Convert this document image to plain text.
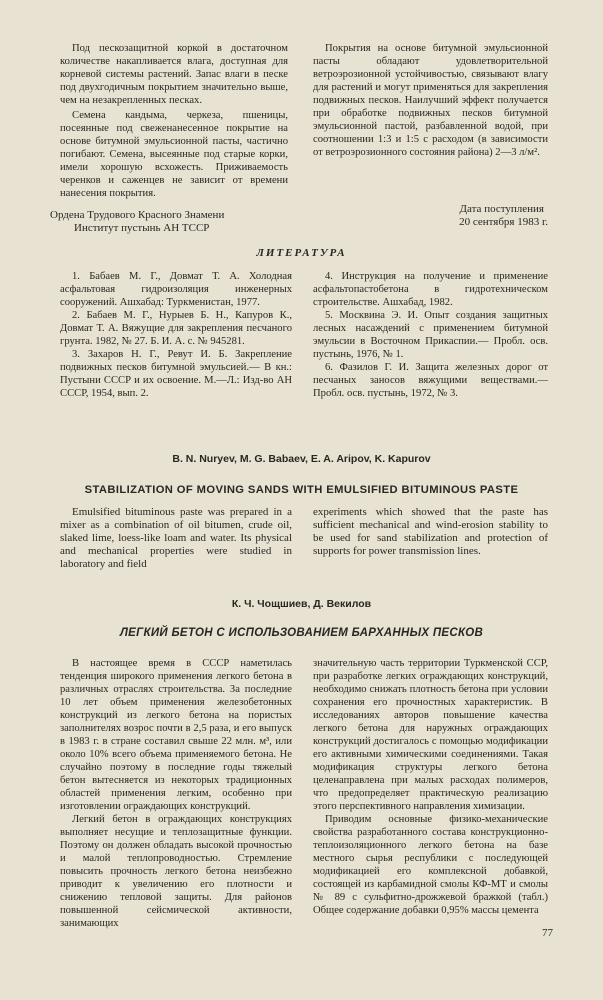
Под пескозащитной коркой в достаточном количестве накапливается влага, доступная для корневой системы растений. Запас влаги в песке под двухгодичным покрытием значительно выше, чем на незакрепленных песках.

Семена кандыма, черкеза, пшеницы, посеянные под свеженанесенное покрытие на основе битумной эмульсионной пасты, частично погибают. Семена, высеянные под старые корки, имели хорошую всхожесть. Приживаемость черенков и саженцев не зависит от времени нанесения покрытия.

Покрытия на основе битумной эмульсионной пасты обладают удовлетворительной ветроэрозионной устойчивостью, связывают влагу для растений и могут применяться для закрепления подвижных песков. Наилучший эффект получается при обработке подвижных песков битумной эмульсионной пастой, разбавленной водой, при соотношении 1:3 и 1:5 с расходом (в зависимости от ветроэрозионного состояния района) 2—3 л/м².

Ордена Трудового Красного Знамени
Институт пустынь АН ТССР
Дата поступления
20 сентября 1983 г.
ЛИТЕРАТУРА

1. Бабаев М. Г., Довмат Т. А. Холодная асфальтовая гидроизоляция инженерных сооружений. Ашхабад: Туркменистан, 1977.

2. Бабаев М. Г., Нурыев Б. Н., Капуров К., Довмат Т. А. Вяжущие для закрепления песчаного грунта. 1982, № 27. Б. И. А. с. № 945281.

3. Захаров Н. Г., Ревут И. Б. Закрепление подвижных песков битумной эмульсией.— В кн.: Пустыни СССР и их освоение. М.—Л.: Изд-во АН СССР, 1954, вып. 2.

4. Инструкция на получение и применение асфальтопастобетона в гидротехническом строительстве. Ашхабад, 1982.

5. Москвина Э. И. Опыт создания защитных лесных насаждений с применением битумной эмульсии в Восточном Прикаспии.— Пробл. осв. пустынь, 1976, № 1.

6. Фазилов Г. И. Защита железных дорог от песчаных заносов вяжущими веществами.— Пробл. осв. пустынь, 1972, № 3.

B. N. Nuryev, M. G. Babaev, E. A. Aripov, K. Kapurov
STABILIZATION OF MOVING SANDS WITH EMULSIFIED BITUMINOUS PASTE

Emulsified bituminous paste was prepared in a mixer as a combination of oil bitumen, crude oil, slaked lime, loess-like loam and water. Its physical and mechanical properties were studied in laboratory and field

experiments which showed that the paste has sufficient mechanical and wind-erosion stability to be used for sand stabilization and protection of supports for power transmission lines.

К. Ч. Чощшиев, Д. Векилов
ЛЕГКИЙ БЕТОН С ИСПОЛЬЗОВАНИЕМ БАРХАННЫХ ПЕСКОВ

В настоящее время в СССР наметилась тенденция широкого применения легкого бетона в различных отраслях строительства. За последние 10 лет объем применения железобетонных конструкций из легкого бетона на пористых заполнителях возрос почти в 2,5 раза, и его выпуск в 1983 г. в стране составил свыше 22 млн. м³, или около 10% всего объема применяемого бетона. Не случайно поэтому в последние годы тяжелый бетон вытесняется из некоторых традиционных областей применения легким, особенно при изготовлении ограждающих конструкций.

Легкий бетон в ограждающих конструкциях выполняет несущие и теплозащитные функции. Поэтому он должен обладать высокой прочностью и малой теплопроводностью. Стремление повысить прочность легкого бетона неизбежно приводит к увеличению его плотности и снижению тепловой защиты. Для районов повышенной сейсмической активности, занимающих

значительную часть территории Туркменской ССР, при разработке легких ограждающих конструкций, необходимо снижать плотность бетона при условии сохранения его прочностных характеристик. В исследованиях авторов повышение качества легкого бетона для наружных ограждающих конструкций достигалось с помощью модификации его активными химическими соединениями. Такая модификация структуры легкого бетона целенаправлена при малых расходах полимеров, что предопределяет практическую реализацию этого перспективного направления химизации.

Приводим основные физико-механические свойства разработанного состава конструкционно-теплоизоляционного легкого бетона на базе местного сырья республики с последующей модификацией его комплексной добавкой, состоящей из карбамидной смолы КФ-МТ и смолы № 89 с сульфитно-дрожжевой бражкой (табл.) Общее содержание добавки 0,95% массы цемента

77
